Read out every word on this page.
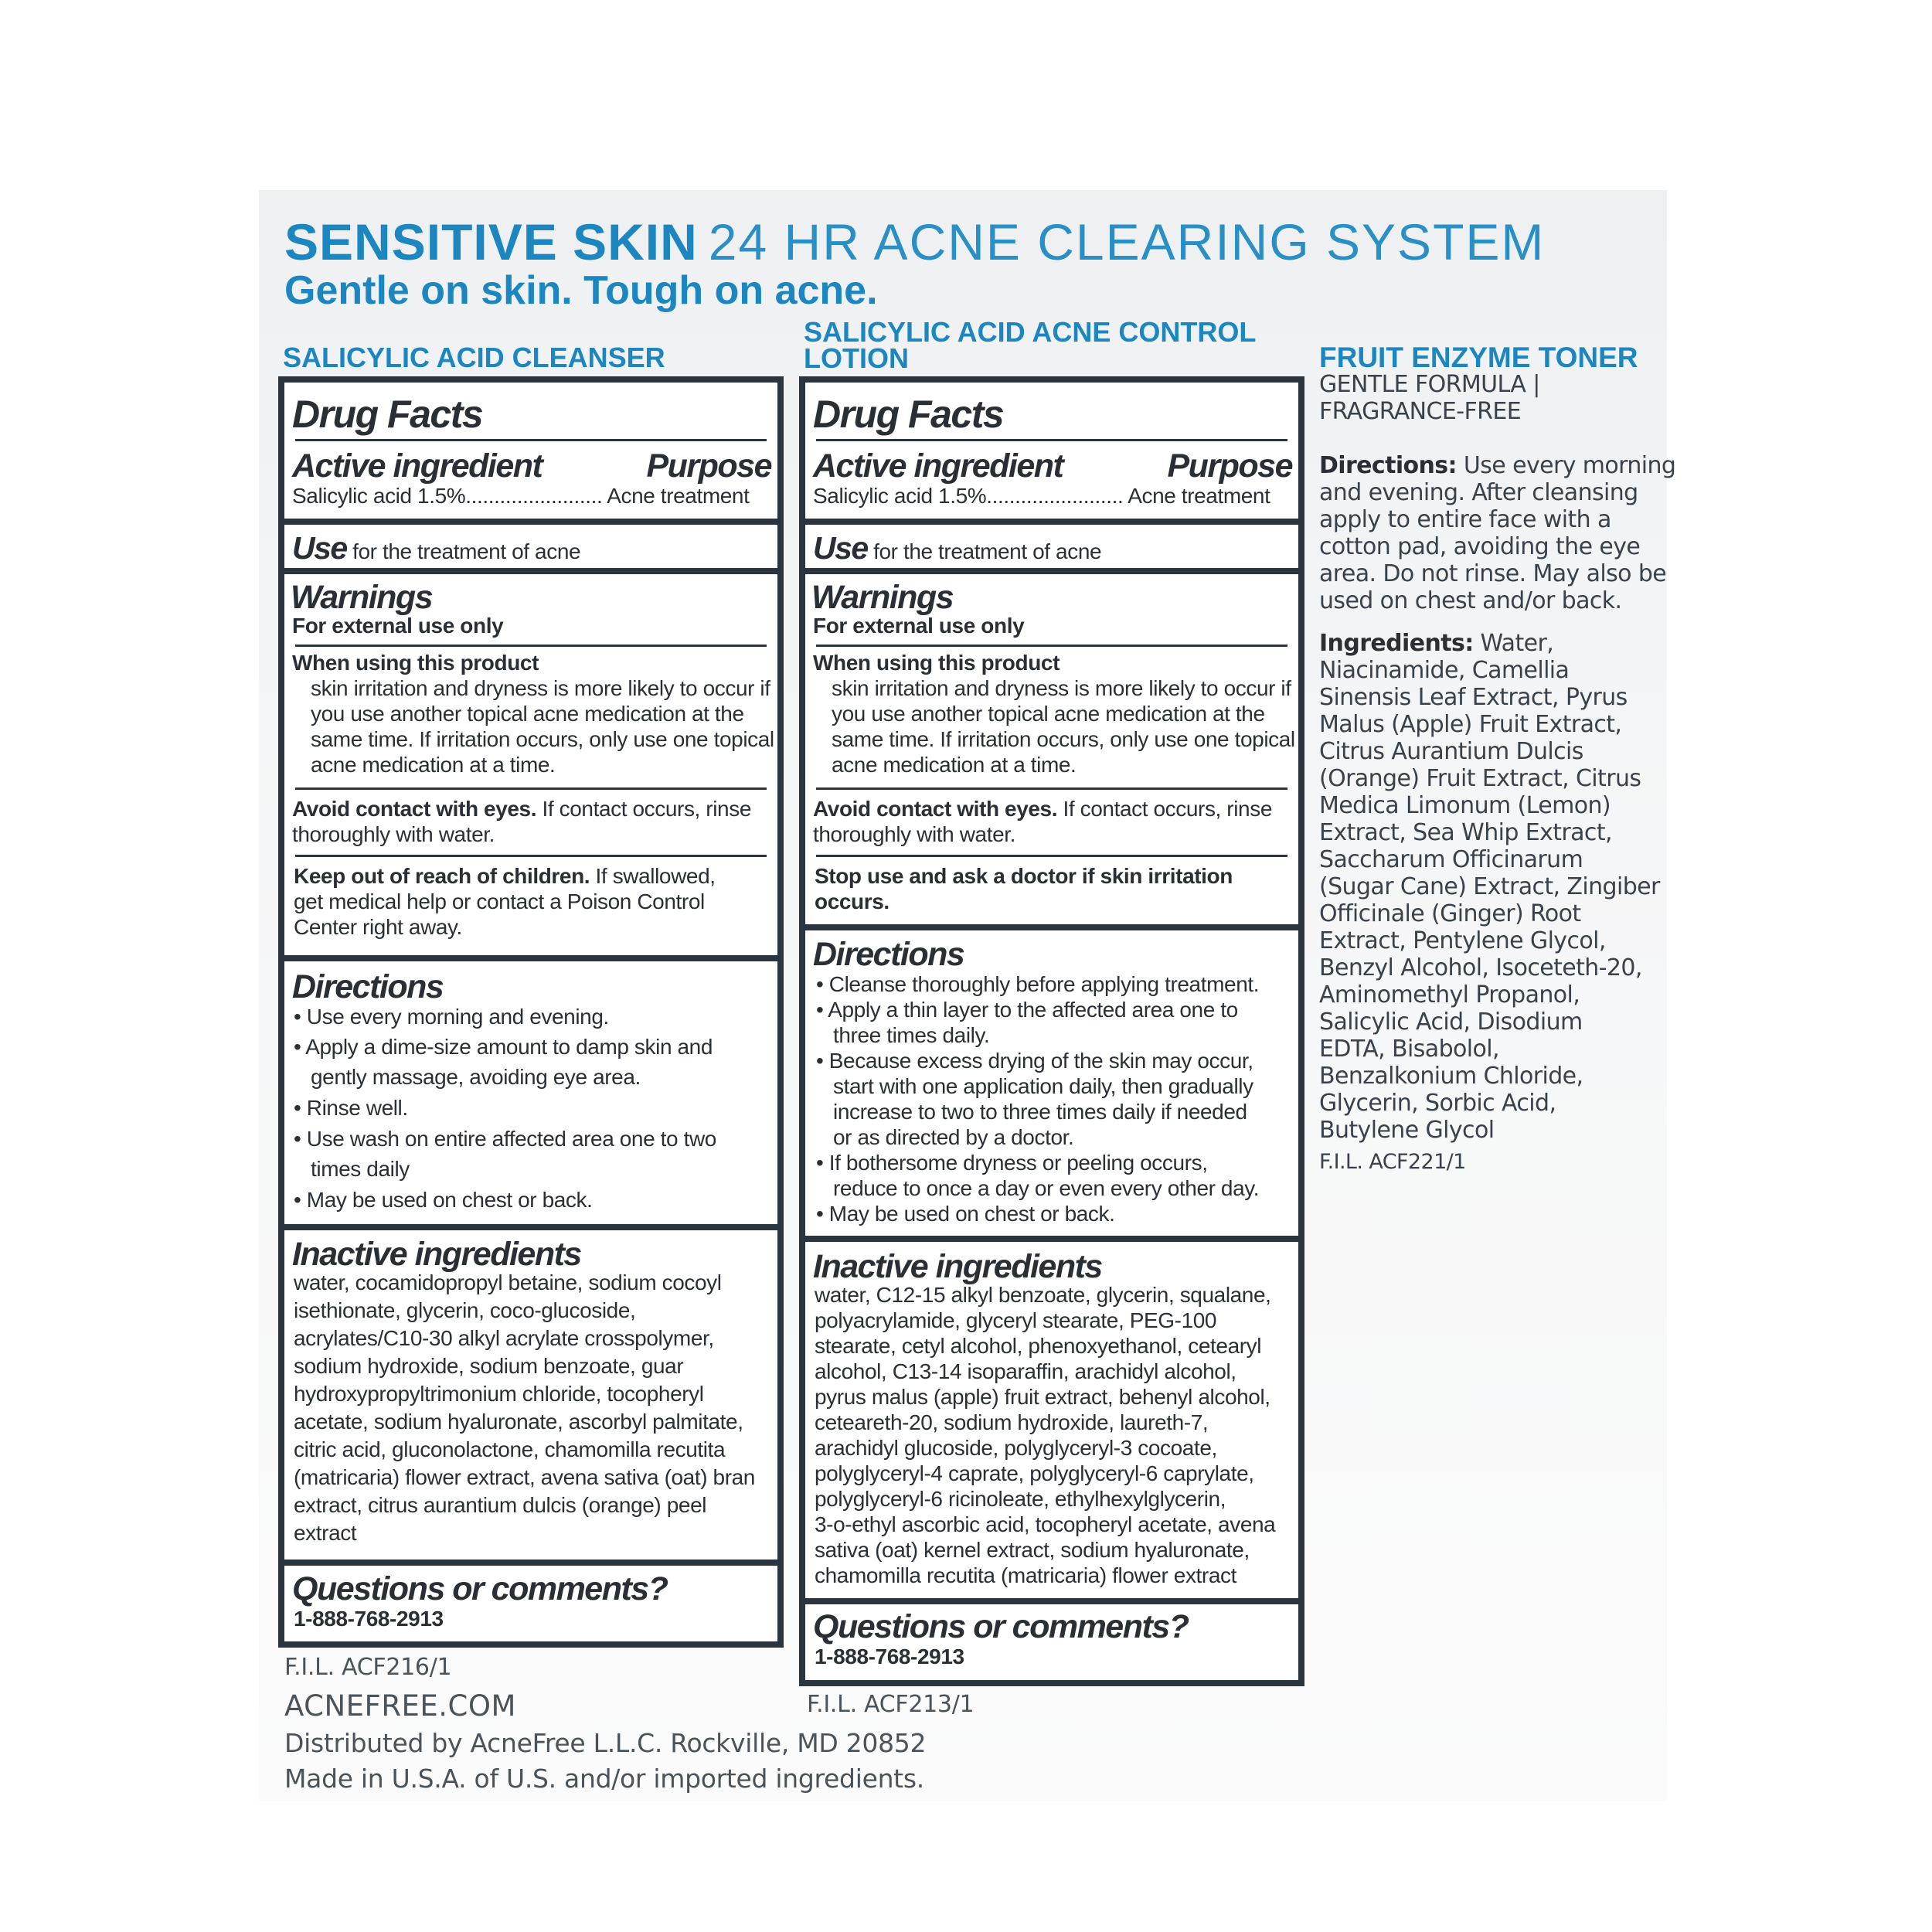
SENSITIVE SKIN 24 HR ACNE CLEARING SYSTEM
Gentle on skin. Tough on acne.
SALICYLIC ACID CLEANSER
Drug Facts
Active ingredient	Purpose
Salicylic acid 1.5%........................ Acne treatment
Use for the treatment of acne
Warnings
For external use only
When using this product
skin irritation and dryness is more likely to occur if
you use another topical acne medication at the
same time. If irritation occurs, only use one topical
acne medication at a time.
Avoid contact with eyes. If contact occurs, rinse
thoroughly with water.
Keep out of reach of children. If swallowed,
get medical help or contact a Poison Control
Center right away.
Directions
• Use every morning and evening.
• Apply a dime-size amount to damp skin and
gently massage, avoiding eye area.
• Rinse well.
• Use wash on entire affected area one to two
times daily
• May be used on chest or back.
Inactive ingredients
water, cocamidopropyl betaine, sodium cocoyl
isethionate, glycerin, coco-glucoside,
acrylates/C10-30 alkyl acrylate crosspolymer,
sodium hydroxide, sodium benzoate, guar
hydroxypropyltrimonium chloride, tocopheryl
acetate, sodium hyaluronate, ascorbyl palmitate,
citric acid, gluconolactone, chamomilla recutita
(matricaria) flower extract, avena sativa (oat) bran
extract, citrus aurantium dulcis (orange) peel
extract
Questions or comments?
1-888-768-2913
F.I.L. ACF216/1
SALICYLIC ACID ACNE CONTROL
LOTION
Drug Facts
Active ingredient	Purpose
Salicylic acid 1.5%........................ Acne treatment
Use for the treatment of acne
Warnings
For external use only
When using this product
skin irritation and dryness is more likely to occur if
you use another topical acne medication at the
same time. If irritation occurs, only use one topical
acne medication at a time.
Avoid contact with eyes. If contact occurs, rinse
thoroughly with water.
Stop use and ask a doctor if skin irritation
occurs.
Directions
• Cleanse thoroughly before applying treatment.
• Apply a thin layer to the affected area one to
three times daily.
• Because excess drying of the skin may occur,
start with one application daily, then gradually
increase to two to three times daily if needed
or as directed by a doctor.
• If bothersome dryness or peeling occurs,
reduce to once a day or even every other day.
• May be used on chest or back.
Inactive ingredients
water, C12-15 alkyl benzoate, glycerin, squalane,
polyacrylamide, glyceryl stearate, PEG-100
stearate, cetyl alcohol, phenoxyethanol, cetearyl
alcohol, C13-14 isoparaffin, arachidyl alcohol,
pyrus malus (apple) fruit extract, behenyl alcohol,
ceteareth-20, sodium hydroxide, laureth-7,
arachidyl glucoside, polyglyceryl-3 cocoate,
polyglyceryl-4 caprate, polyglyceryl-6 caprylate,
polyglyceryl-6 ricinoleate, ethylhexylglycerin,
3-o-ethyl ascorbic acid, tocopheryl acetate, avena
sativa (oat) kernel extract, sodium hyaluronate,
chamomilla recutita (matricaria) flower extract
Questions or comments?
1-888-768-2913
F.I.L. ACF213/1
FRUIT ENZYME TONER
GENTLE FORMULA |
FRAGRANCE-FREE
Directions: Use every morning
and evening. After cleansing
apply to entire face with a
cotton pad, avoiding the eye
area. Do not rinse. May also be
used on chest and/or back.
Ingredients: Water,
Niacinamide, Camellia
Sinensis Leaf Extract, Pyrus
Malus (Apple) Fruit Extract,
Citrus Aurantium Dulcis
(Orange) Fruit Extract, Citrus
Medica Limonum (Lemon)
Extract, Sea Whip Extract,
Saccharum Officinarum
(Sugar Cane) Extract, Zingiber
Officinale (Ginger) Root
Extract, Pentylene Glycol,
Benzyl Alcohol, Isoceteth-20,
Aminomethyl Propanol,
Salicylic Acid, Disodium
EDTA, Bisabolol,
Benzalkonium Chloride,
Glycerin, Sorbic Acid,
Butylene Glycol
F.I.L. ACF221/1
ACNEFREE.COM
Distributed by AcneFree L.L.C. Rockville, MD 20852
Made in U.S.A. of U.S. and/or imported ingredients.
